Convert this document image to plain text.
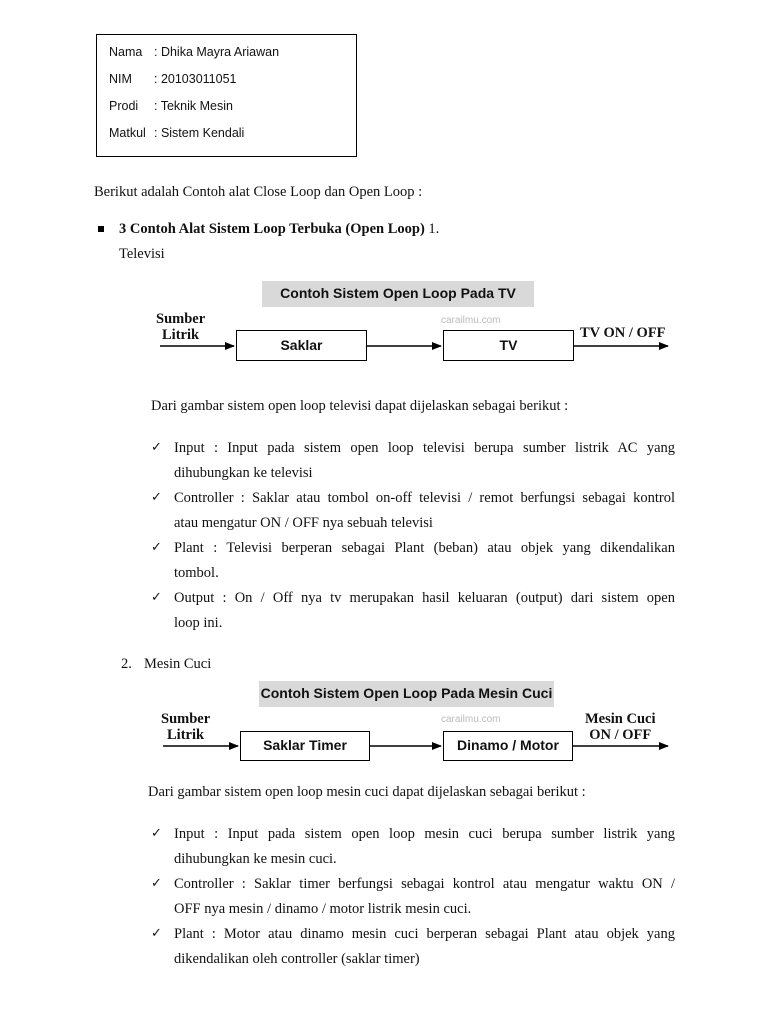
Nama : Dhika Mayra Ariawan
NIM : 20103011051
Prodi : Teknik Mesin
Matkul : Sistem Kendali
Berikut adalah Contoh alat Close Loop dan Open Loop :
3 Contoh Alat Sistem Loop Terbuka (Open Loop) 1.
Televisi
Contoh Sistem Open Loop Pada TV
carailmu.com
Sumber
Litrik
Saklar	TV
TV ON / OFF
Dari gambar sistem open loop televisi dapat dijelaskan sebagai berikut :
✓ Input : Input pada sistem open loop televisi berupa sumber listrik AC yang
dihubungkan ke televisi
✓ Controller : Saklar atau tombol on-off televisi / remot berfungsi sebagai kontrol
atau mengatur ON / OFF nya sebuah televisi
✓ Plant : Televisi berperan sebagai Plant (beban) atau objek yang dikendalikan
tombol.
✓ Output : On / Off nya tv merupakan hasil keluaran (output) dari sistem open
loop ini.
2. Mesin Cuci
Contoh Sistem Open Loop Pada Mesin Cuci
carailmu.com
Sumber
Litrik
Saklar Timer	Dinamo / Motor
Mesin Cuci
ON / OFF
Dari gambar sistem open loop mesin cuci dapat dijelaskan sebagai berikut :
✓ Input : Input pada sistem open loop mesin cuci berupa sumber listrik yang
dihubungkan ke mesin cuci.
✓ Controller : Saklar timer berfungsi sebagai kontrol atau mengatur waktu ON /
OFF nya mesin / dinamo / motor listrik mesin cuci.
✓ Plant : Motor atau dinamo mesin cuci berperan sebagai Plant atau objek yang
dikendalikan oleh controller (saklar timer)
